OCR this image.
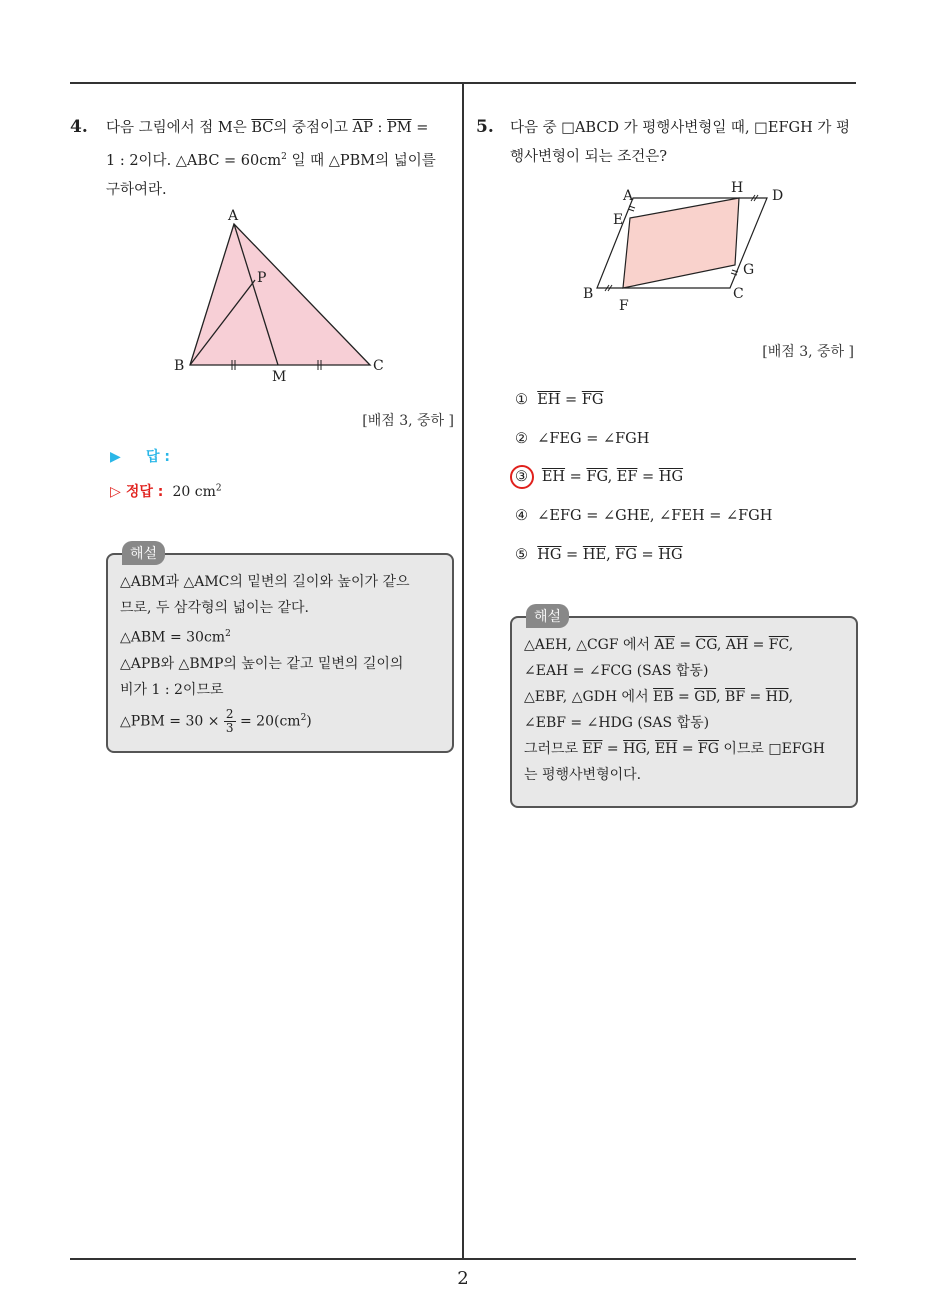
4. 다음 그림에서 점 M은 $\overline{BC}$의 중점이고 $\overline{AP}$ : $\overline{PM}$ =
1 : 2이다. △ABC = $60cm^2$ 일 때 △PBM의 넓이를
구하여라.
A
P
B
M
C
[배점 3, 중하 ]
▶ 답 :
▷ 정답 : 20 $cm^2$
해설
△ABM과 △AMC의 밑변의 길이와 높이가 같으
므로, 두 삼각형의 넓이는 같다.
△ABM = $30cm^2$
△APB와 △BMP의 높이는 같고 밑변의 길이의
비가 1 : 2이므로
△PBM = $30 \times \frac{2}{3} = 20(cm^2)$
5. 다음 중 □ABCD 가 평행사변형일 때, □EFGH 가 평
행사변형이 되는 조건은?
A	H D
E
G
B
F
C
[배점 3, 중하 ]
① $\overline{EH} = \overline{FG}$
② ∠FEG = ∠FGH
③ $\overline{EH} = \overline{FG}$, $\overline{EF} = \overline{HG}$
④ ∠EFG = ∠GHE, ∠FEH = ∠FGH
⑤ $\overline{HG} = \overline{HE}$, $\overline{FG} = \overline{HG}$
해설
△AEH, △CGF 에서 $\overline{AE} = \overline{CG}$, $\overline{AH} = \overline{FC}$,
∠EAH = ∠FCG (SAS 합동)
△EBF, △GDH 에서 $\overline{EB} = \overline{GD}$, $\overline{BF} = \overline{HD}$,
∠EBF = ∠HDG (SAS 합동)
그러므로 $\overline{EF} = \overline{HG}$, $\overline{EH} = \overline{FG}$ 이므로 □EFGH
는 평행사변형이다.
2
